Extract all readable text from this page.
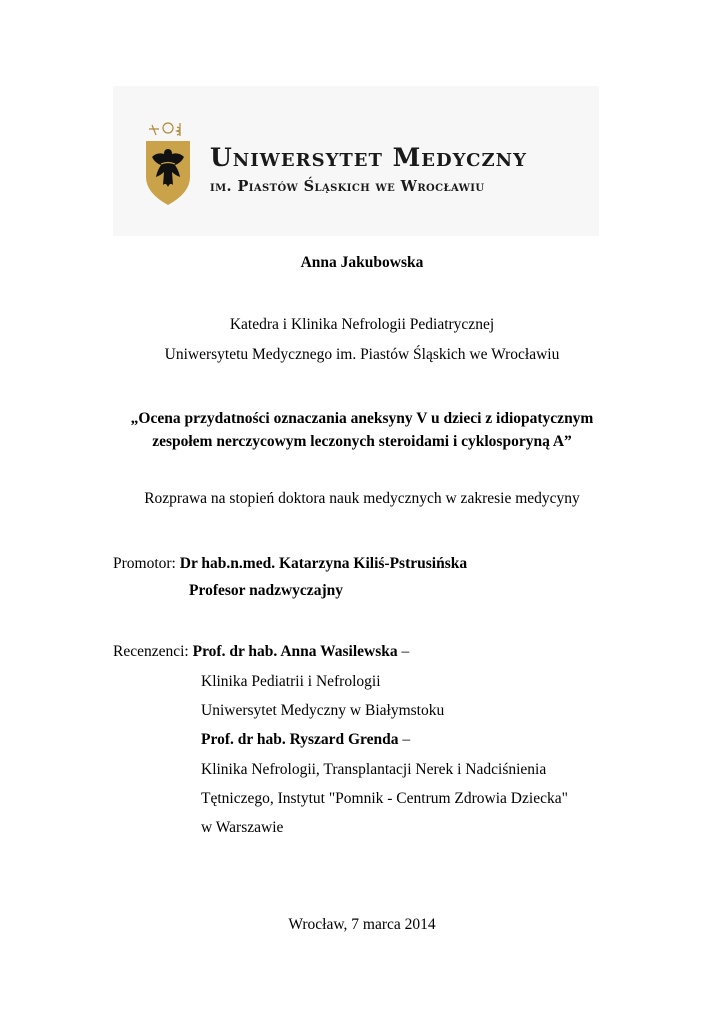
Uniwersytet Medyczny
im. Piastów Śląskich we Wrocławiu
Anna Jakubowska
Katedra i Klinika Nefrologii Pediatrycznej
Uniwersytetu Medycznego im. Piastów Śląskich we Wrocławiu
„Ocena przydatności oznaczania aneksyny V u dzieci z idiopatycznym
zespołem nerczycowym leczonych steroidami i cyklosporyną A”
Rozprawa na stopień doktora nauk medycznych w zakresie medycyny
Promotor: Dr hab.n.med. Katarzyna Kiliś-Pstrusińska
Profesor nadzwyczajny
Recenzenci: Prof. dr hab. Anna Wasilewska –
Klinika Pediatrii i Nefrologii
Uniwersytet Medyczny w Białymstoku
Prof. dr hab. Ryszard Grenda –
Klinika Nefrologii, Transplantacji Nerek i Nadciśnienia
Tętniczego, Instytut "Pomnik - Centrum Zdrowia Dziecka"
w Warszawie
Wrocław, 7 marca 2014
